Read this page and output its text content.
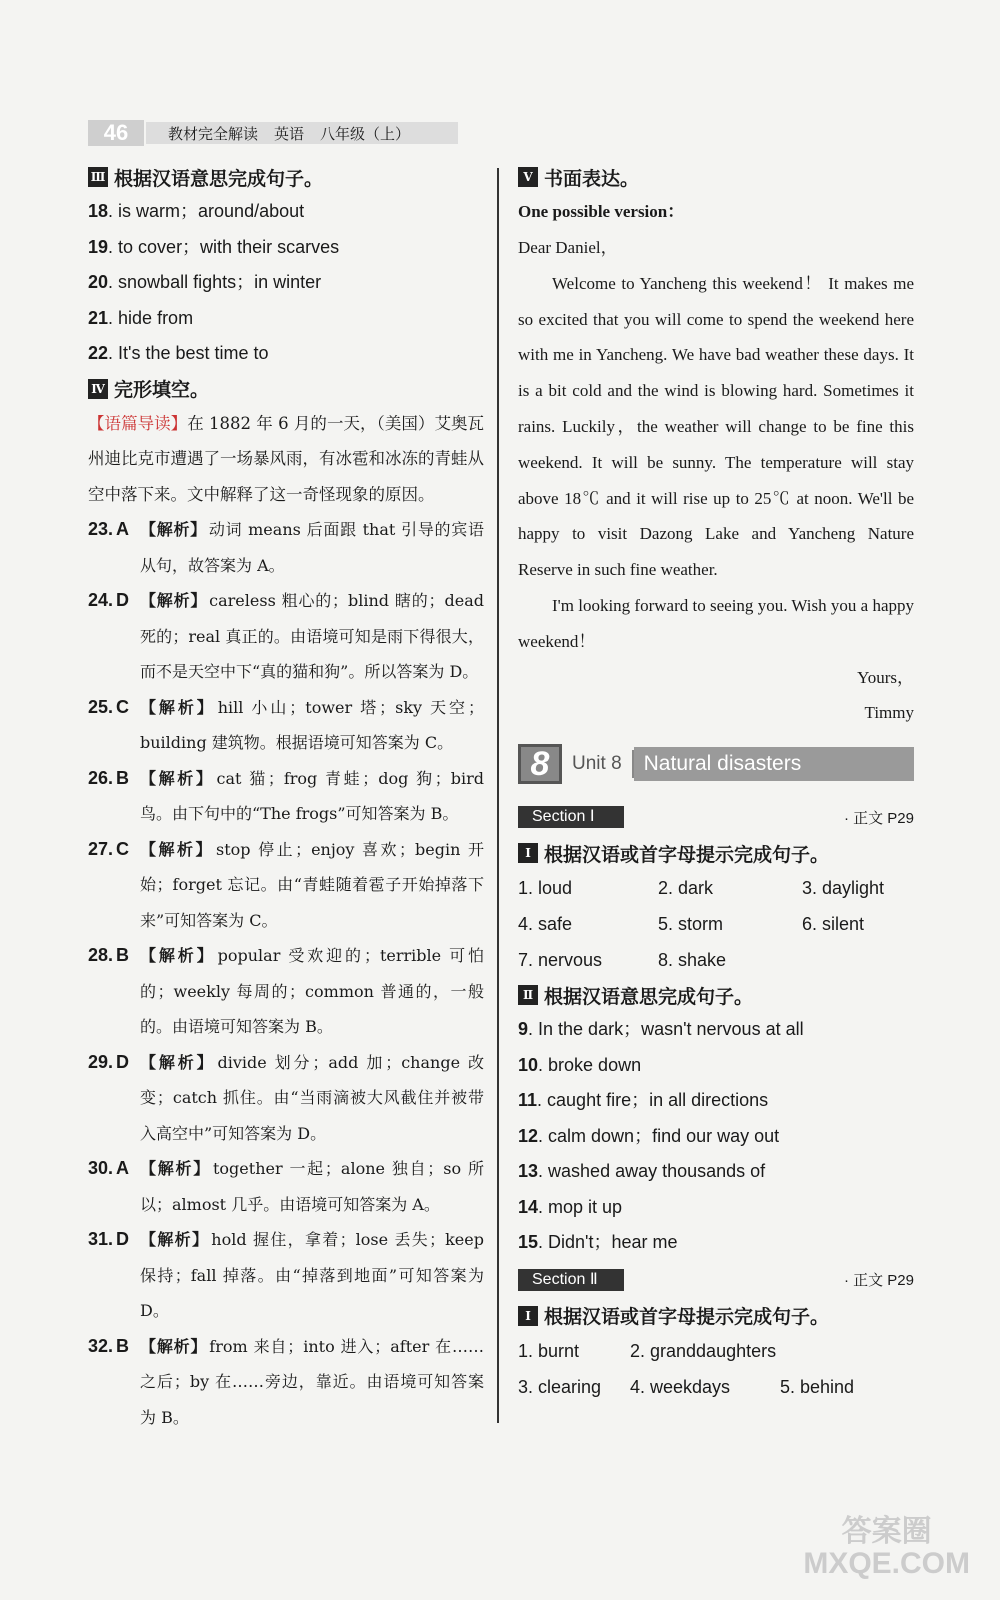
46	教材完全解读 英语 八年级（上）
Ⅲ 根据汉语意思完成句子。
18. is warm；around/about
19. to cover；with their scarves
20. snowball fights；in winter
21. hide from
22. It's the best time to
Ⅳ 完形填空。

【语篇导读】在 1882 年 6 月的一天，（美国）艾奥瓦州迪比克市遭遇了一场暴风雨，有冰雹和冰冻的青蛙从空中落下来。文中解释了这一奇怪现象的原因。

23. A 【解析】 动词 means 后面跟 that 引导的宾语从句，故答案为 A。
24. D 【解析】 careless 粗心的；blind 瞎的；dead 死的；real 真正的。由语境可知是雨下得很大，而不是天空中下“真的猫和狗”。所以答案为 D。
25. C 【解析】 hill 小山；tower 塔；sky 天空；building 建筑物。根据语境可知答案为 C。
26. B 【解析】 cat 猫；frog 青蛙；dog 狗；bird 鸟。由下句中的“The frogs”可知答案为 B。
27. C 【解析】 stop 停止；enjoy 喜欢；begin 开始；forget 忘记。由“青蛙随着雹子开始掉落下来”可知答案为 C。
28. B 【解析】 popular 受欢迎的；terrible 可怕的；weekly 每周的；common 普通的，一般的。由语境可知答案为 B。
29. D 【解析】 divide 划分；add 加；change 改变；catch 抓住。由“当雨滴被大风截住并被带入高空中”可知答案为 D。
30. A 【解析】 together 一起；alone 独自；so 所以；almost 几乎。由语境可知答案为 A。
31. D 【解析】 hold 握住，拿着；lose 丢失；keep 保持；fall 掉落。由“掉落到地面”可知答案为 D。
32. B 【解析】 from 来自；into 进入；after 在……之后；by 在……旁边，靠近。由语境可知答案为 B。
Ⅴ 书面表达。
One possible version：

Dear Daniel，

Welcome to Yancheng this weekend！ It makes me so excited that you will come to spend the weekend here with me in Yancheng. We have bad weather these days. It is a bit cold and the wind is blowing hard. Sometimes it rains. Luckily，the weather will change to be fine this weekend. It will be sunny. The temperature will stay above 18℃ and it will rise up to 25℃ at noon. We'll be happy to visit Dazong Lake and Yancheng Nature Reserve in such fine weather.

I'm looking forward to seeing you. Wish you a happy weekend！

Yours，

Timmy

8	Unit 8	Natural disasters
Section Ⅰ	· 正文 P29
Ⅰ 根据汉语或首字母提示完成句子。
1. loud	2. dark	3. daylight
4. safe	5. storm	6. silent
7. nervous	8. shake
Ⅱ 根据汉语意思完成句子。
9. In the dark；wasn't nervous at all
10. broke down
11. caught fire；in all directions
12. calm down；find our way out
13. washed away thousands of
14. mop it up
15. Didn't；hear me
Section Ⅱ	· 正文 P29
Ⅰ 根据汉语或首字母提示完成句子。
1. burnt	2. granddaughters
3. clearing	4. weekdays	5. behind
答案圈
MXQE.COM
